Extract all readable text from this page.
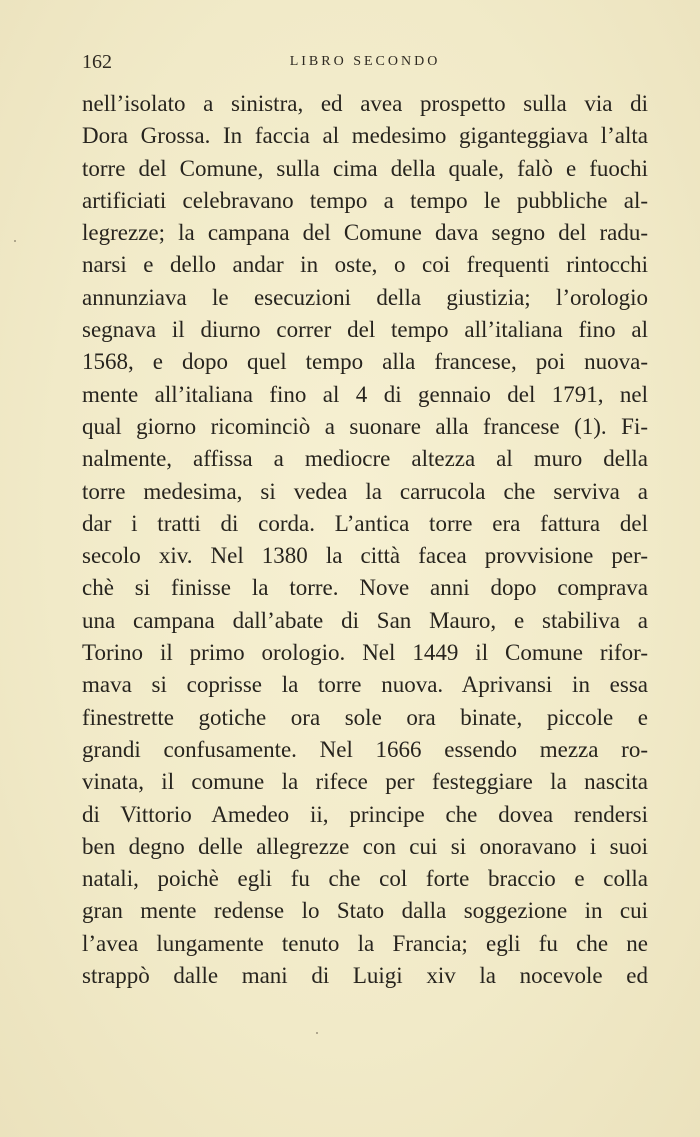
162	LIBRO SECONDO
nell’isolato a sinistra, ed avea prospetto sulla via di
Dora Grossa. In faccia al medesimo giganteggiava l’alta
torre del Comune, sulla cima della quale, falò e fuochi
artificiati celebravano tempo a tempo le pubbliche al-
legrezze; la campana del Comune dava segno del radu-
narsi e dello andar in oste, o coi frequenti rintocchi
annunziava le esecuzioni della giustizia; l’orologio
segnava il diurno correr del tempo all’italiana fino al
1568, e dopo quel tempo alla francese, poi nuova-
mente all’italiana fino al 4 di gennaio del 1791, nel
qual giorno ricominciò a suonare alla francese (1). Fi-
nalmente, affissa a mediocre altezza al muro della
torre medesima, si vedea la carrucola che serviva a
dar i tratti di corda. L’antica torre era fattura del
secolo xiv. Nel 1380 la città facea provvisione per-
chè si finisse la torre. Nove anni dopo comprava
una campana dall’abate di San Mauro, e stabiliva a
Torino il primo orologio. Nel 1449 il Comune rifor-
mava si coprisse la torre nuova. Aprivansi in essa
finestrette gotiche ora sole ora binate, piccole e
grandi confusamente. Nel 1666 essendo mezza ro-
vinata, il comune la rifece per festeggiare la nascita
di Vittorio Amedeo ii, principe che dovea rendersi
ben degno delle allegrezze con cui si onoravano i suoi
natali, poichè egli fu che col forte braccio e colla
gran mente redense lo Stato dalla soggezione in cui
l’avea lungamente tenuto la Francia; egli fu che ne
strappò dalle mani di Luigi xiv la nocevole ed
